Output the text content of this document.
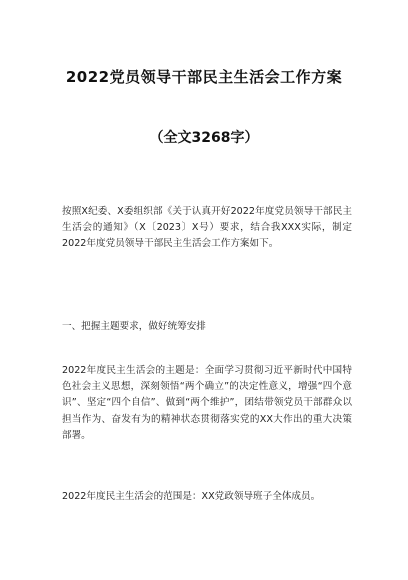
2022党员领导干部民主生活会工作方案
（全文3268字）

按照X纪委、X委组织部《关于认真开好2022年度党员领导干部民主生活会的通知》（X〔2023〕X号）要求，结合我XXX实际，制定2022年度党员领导干部民主生活会工作方案如下。

一、把握主题要求，做好统筹安排

2022年度民主生活会的主题是：全面学习贯彻习近平新时代中国特色社会主义思想，深刻领悟“两个确立”的决定性意义，增强“四个意识”、坚定“四个自信”、做到“两个维护”，团结带领党员干部群众以担当作为、奋发有为的精神状态贯彻落实党的XX大作出的重大决策部署。

2022年度民主生活会的范围是：XX党政领导班子全体成员。
